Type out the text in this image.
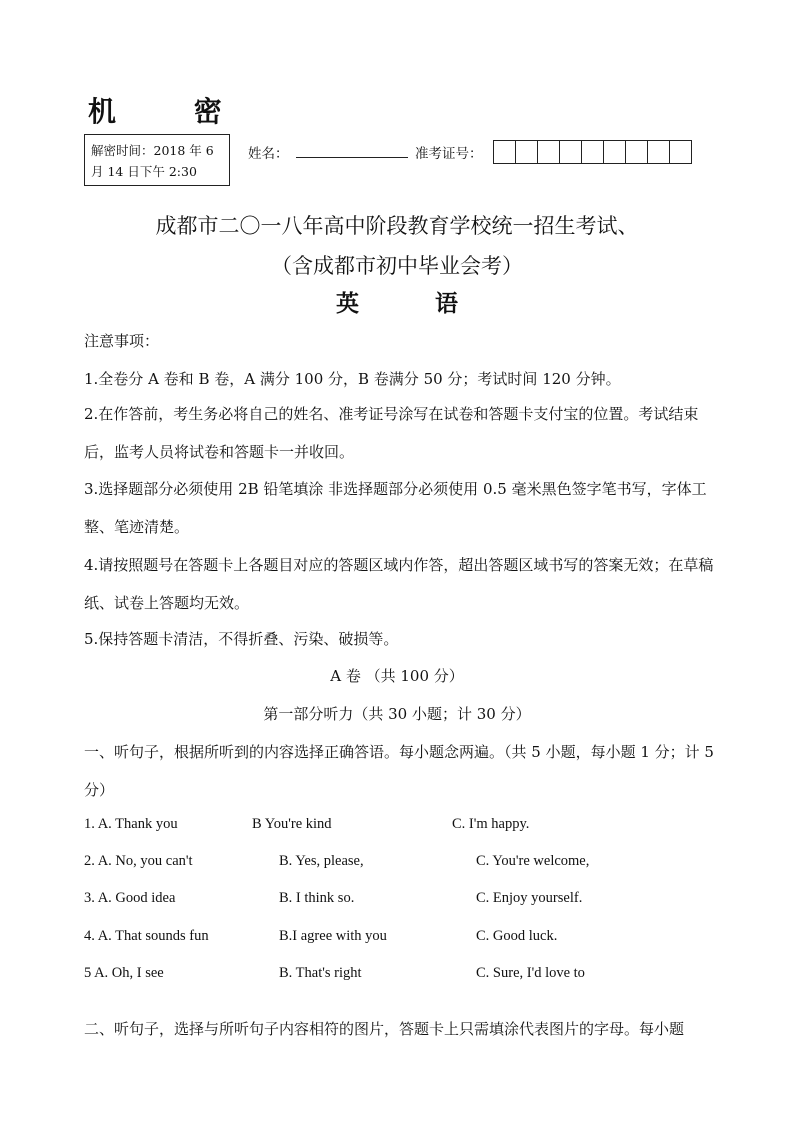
机 密
解密时间：2018 年 6 月 14 日下午 2:30
姓名：	准考证号：
成都市二〇一八年高中阶段教育学校统一招生考试、
（含成都市初中毕业会考）
英 语
注意事项：
1.全卷分 A 卷和 B 卷，A 满分 100 分，B 卷满分 50 分；考试时间 120 分钟。
2.在作答前，考生务必将自己的姓名、准考证号涂写在试卷和答题卡支付宝的位置。考试结束后，监考人员将试卷和答题卡一并收回。
3.选择题部分必须使用 2B 铅笔填涂 非选择题部分必须使用 0.5 毫米黑色签字笔书写，字体工整、笔迹清楚。
4.请按照题号在答题卡上各题目对应的答题区域内作答，超出答题区域书写的答案无效；在草稿纸、试卷上答题均无效。
5.保持答题卡清洁，不得折叠、污染、破损等。
A 卷 （共 100 分）
第一部分听力（共 30 小题；计 30 分）
一、听句子，根据所听到的内容选择正确答语。每小题念两遍。（共 5 小题，每小题 1 分；计 5 分）
1. A. Thank you	B You're kind	C. I'm happy.
2. A. No, you can't	B. Yes, please,	C. You're welcome,
3. A. Good idea	B. I think so.	C. Enjoy yourself.
4. A. That sounds fun	B.I agree with you	C. Good luck.
5 A. Oh, I see	B. That's right	C. Sure, I'd love to
二、听句子，选择与所听句子内容相符的图片，答题卡上只需填涂代表图片的字母。每小题
